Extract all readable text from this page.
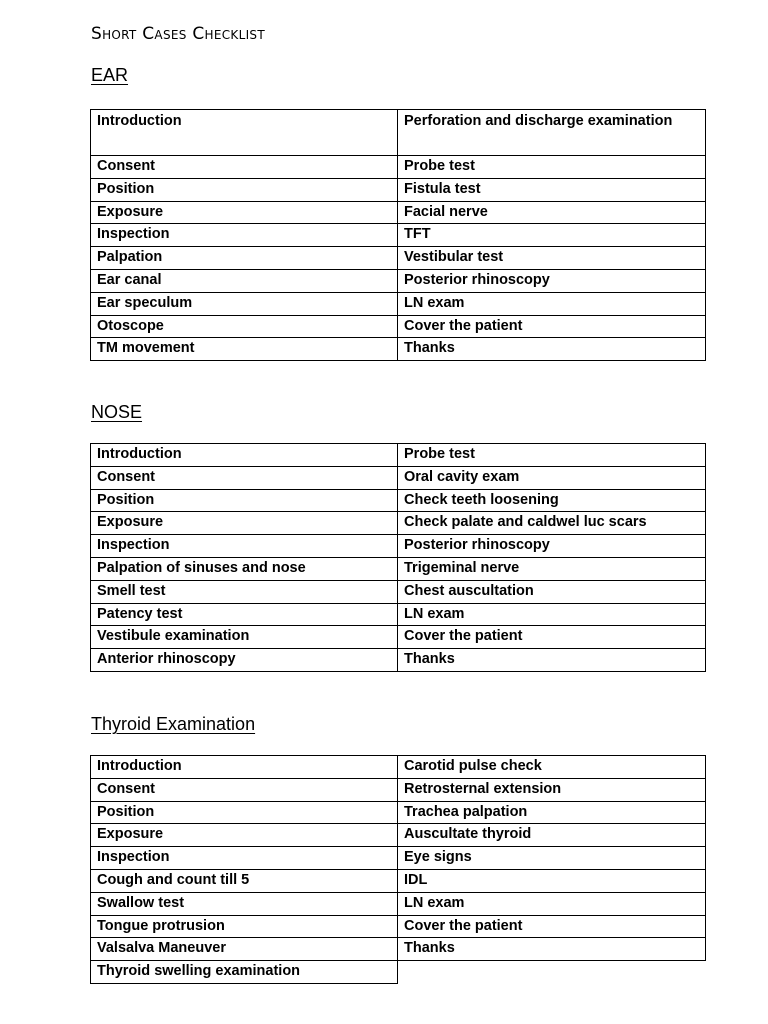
Short Cases Checklist
EAR
Introduction	Perforation and discharge examination
Consent	Probe test
Position	Fistula test
Exposure	Facial nerve
Inspection	TFT
Palpation	Vestibular test
Ear canal	Posterior rhinoscopy
Ear speculum	LN exam
Otoscope	Cover the patient
TM movement	Thanks
NOSE
Introduction	Probe test
Consent	Oral cavity exam
Position	Check teeth loosening
Exposure	Check palate and caldwel luc scars
Inspection	Posterior rhinoscopy
Palpation of sinuses and nose	Trigeminal nerve
Smell test	Chest auscultation
Patency test	LN exam
Vestibule examination	Cover the patient
Anterior rhinoscopy	Thanks
Thyroid Examination
Introduction	Carotid pulse check
Consent	Retrosternal extension
Position	Trachea palpation
Exposure	Auscultate thyroid
Inspection	Eye signs
Cough and count till 5	IDL
Swallow test	LN exam
Tongue protrusion	Cover the patient
Valsalva Maneuver	Thanks
Thyroid swelling examination	
